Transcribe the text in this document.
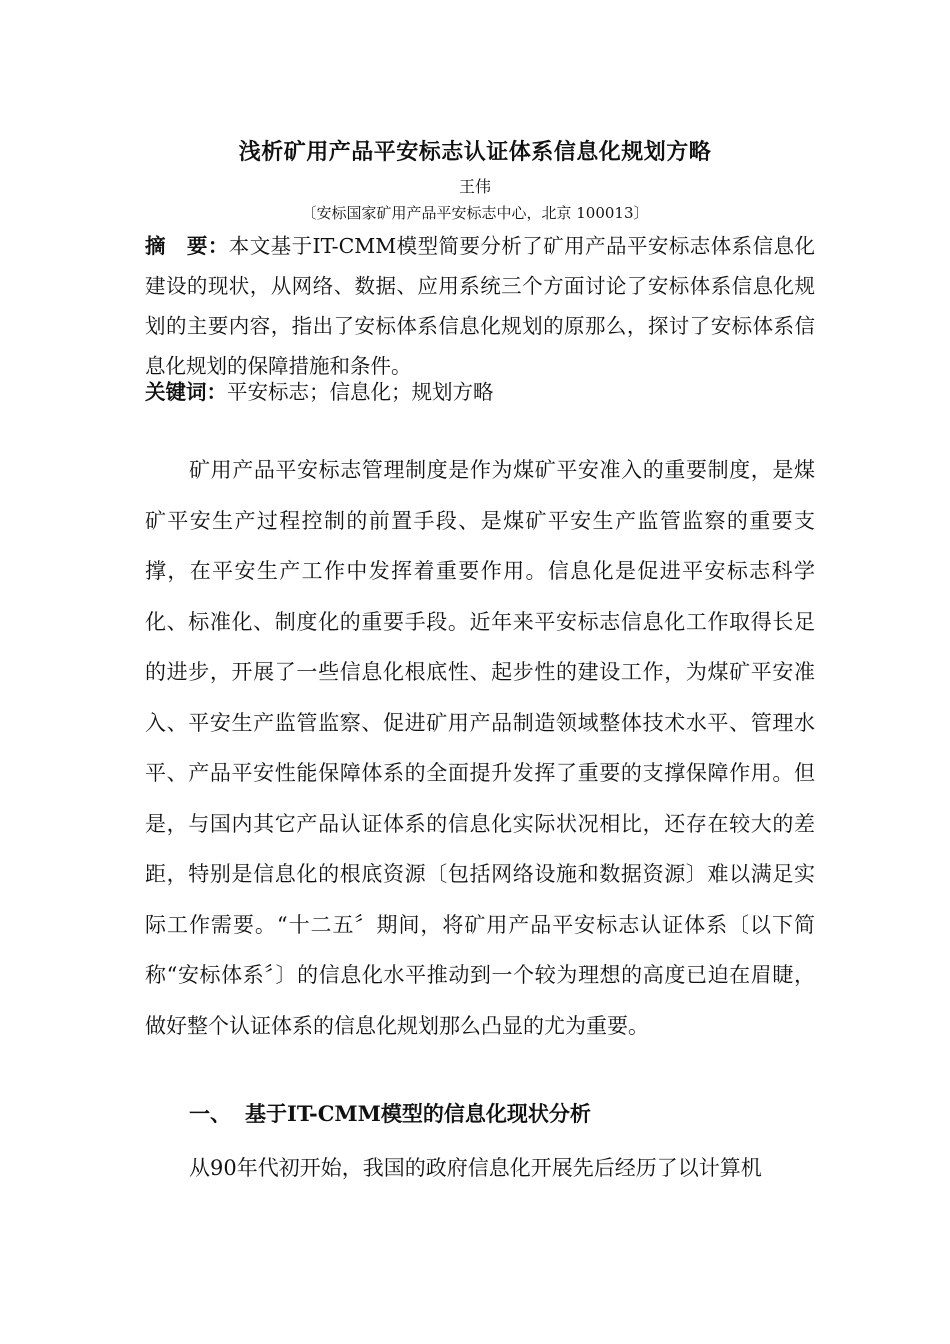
浅析矿用产品平安标志认证体系信息化规划方略
王伟
〔安标国家矿用产品平安标志中心，北京 100013〕
摘　要：本文基于IT-CMM模型简要分析了矿用产品平安标志体系信息化建设的现状，从网络、数据、应用系统三个方面讨论了安标体系信息化规划的主要内容，指出了安标体系信息化规划的原那么，探讨了安标体系信息化规划的保障措施和条件。
关键词：平安标志；信息化；规划方略

矿用产品平安标志管理制度是作为煤矿平安准入的重要制度，是煤矿平安生产过程控制的前置手段、是煤矿平安生产监管监察的重要支撑，在平安生产工作中发挥着重要作用。信息化是促进平安标志科学化、标准化、制度化的重要手段。近年来平安标志信息化工作取得长足的进步，开展了一些信息化根底性、起步性的建设工作，为煤矿平安准入、平安生产监管监察、促进矿用产品制造领域整体技术水平、管理水平、产品平安性能保障体系的全面提升发挥了重要的支撑保障作用。但是，与国内其它产品认证体系的信息化实际状况相比，还存在较大的差距，特别是信息化的根底资源〔包括网络设施和数据资源〕难以满足实际工作需要。“十二五〞期间，将矿用产品平安标志认证体系〔以下简称“安标体系〞〕的信息化水平推动到一个较为理想的高度已迫在眉睫，做好整个认证体系的信息化规划那么凸显的尤为重要。

一、 基于IT-CMM模型的信息化现状分析

从90年代初开始，我国的政府信息化开展先后经历了以计算机
